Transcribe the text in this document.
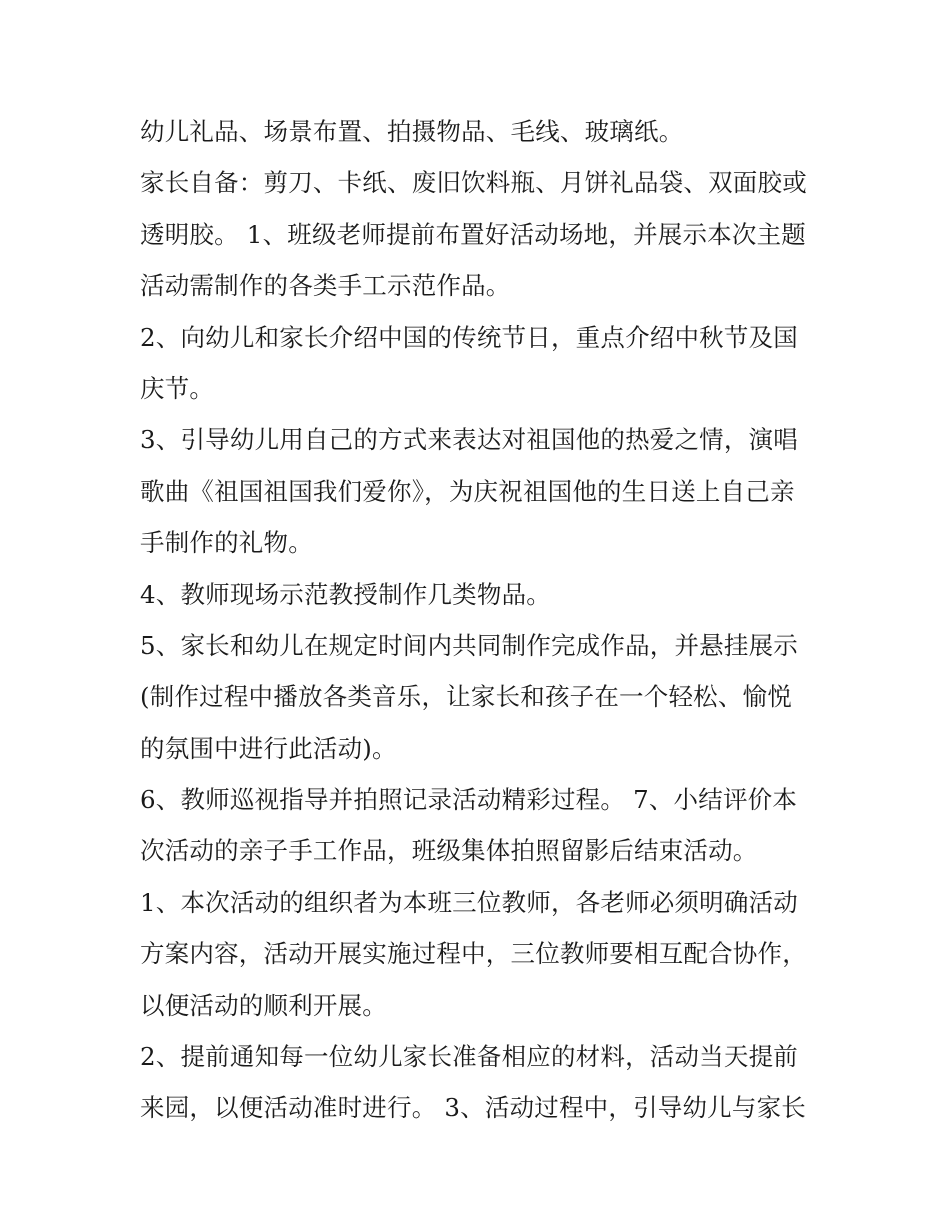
幼儿礼品、场景布置、拍摄物品、毛线、玻璃纸。
家长自备：剪刀、卡纸、废旧饮料瓶、月饼礼品袋、双面胶或
透明胶。 1、班级老师提前布置好活动场地，并展示本次主题
活动需制作的各类手工示范作品。
2、向幼儿和家长介绍中国的传统节日，重点介绍中秋节及国
庆节。
3、引导幼儿用自己的方式来表达对祖国他的热爱之情，演唱
歌曲《祖国祖国我们爱你》，为庆祝祖国他的生日送上自己亲
手制作的礼物。
4、教师现场示范教授制作几类物品。
5、家长和幼儿在规定时间内共同制作完成作品，并悬挂展示
(制作过程中播放各类音乐，让家长和孩子在一个轻松、愉悦
的氛围中进行此活动)。
6、教师巡视指导并拍照记录活动精彩过程。 7、小结评价本
次活动的亲子手工作品，班级集体拍照留影后结束活动。
1、本次活动的组织者为本班三位教师，各老师必须明确活动
方案内容，活动开展实施过程中，三位教师要相互配合协作，
以便活动的顺利开展。
2、提前通知每一位幼儿家长准备相应的材料，活动当天提前
来园，以便活动准时进行。 3、活动过程中，引导幼儿与家长
